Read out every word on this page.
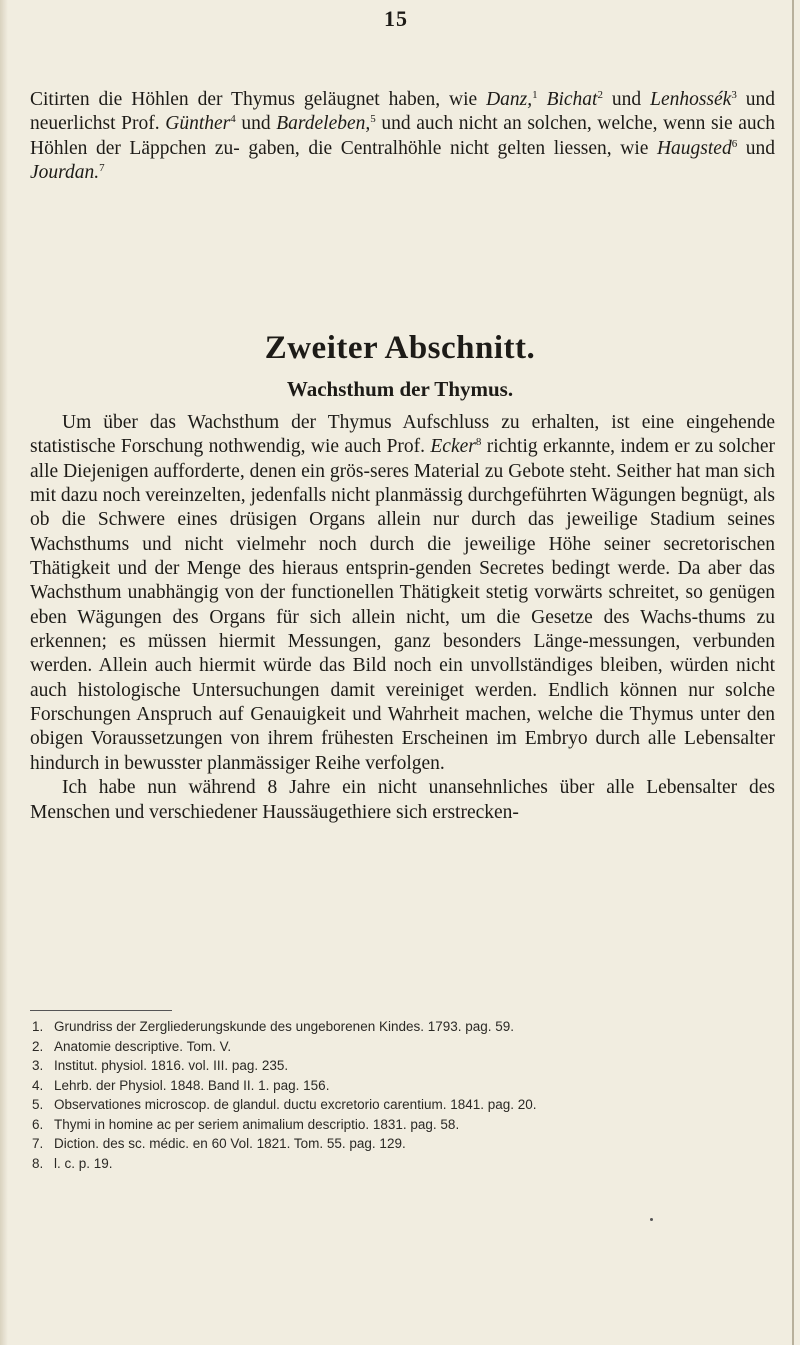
15
Citirten die Höhlen der Thymus geläugnet haben, wie Danz,$^1$ Bichat$^2$ und Lenhossék$^3$ und neuerlichst Prof. Günther$^4$ und Bardeleben,$^5$ und auch nicht an solchen, welche, wenn sie auch Höhlen der Läppchen zu- gaben, die Centralhöhle nicht gelten liessen, wie Haugsted$^6$ und Jourdan.$^7$
Zweiter Abschnitt.
Wachsthum der Thymus.

Um über das Wachsthum der Thymus Aufschluss zu erhalten, ist eine eingehende statistische Forschung nothwendig, wie auch Prof. Ecker$^8$ richtig erkannte, indem er zu solcher alle Diejenigen aufforderte, denen ein grös-seres Material zu Gebote steht. Seither hat man sich mit dazu noch vereinzelten, jedenfalls nicht planmässig durchgeführten Wägungen begnügt, als ob die Schwere eines drüsigen Organs allein nur durch das jeweilige Stadium seines Wachsthums und nicht vielmehr noch durch die jeweilige Höhe seiner secretorischen Thätigkeit und der Menge des hieraus entsprin-genden Secretes bedingt werde. Da aber das Wachsthum unabhängig von der functionellen Thätigkeit stetig vorwärts schreitet, so genügen eben Wägungen des Organs für sich allein nicht, um die Gesetze des Wachs-thums zu erkennen; es müssen hiermit Messungen, ganz besonders Länge-messungen, verbunden werden. Allein auch hiermit würde das Bild noch ein unvollständiges bleiben, würden nicht auch histologische Untersuchungen damit vereiniget werden. Endlich können nur solche Forschungen Anspruch auf Genauigkeit und Wahrheit machen, welche die Thymus unter den obigen Voraussetzungen von ihrem frühesten Erscheinen im Embryo durch alle Lebensalter hindurch in bewusster planmässiger Reihe verfolgen.

Ich habe nun während 8 Jahre ein nicht unansehnliches über alle Lebensalter des Menschen und verschiedener Haussäugethiere sich erstrecken-

1. Grundriss der Zergliederungskunde des ungeborenen Kindes. 1793. pag. 59.
2. Anatomie descriptive. Tom. V.
3. Institut. physiol. 1816. vol. III. pag. 235.
4. Lehrb. der Physiol. 1848. Band II. 1. pag. 156.
5. Observationes microscop. de glandul. ductu excretorio carentium. 1841. pag. 20.
6. Thymi in homine ac per seriem animalium descriptio. 1831. pag. 58.
7. Diction. des sc. médic. en 60 Vol. 1821. Tom. 55. pag. 129.
8. l. c. p. 19.
